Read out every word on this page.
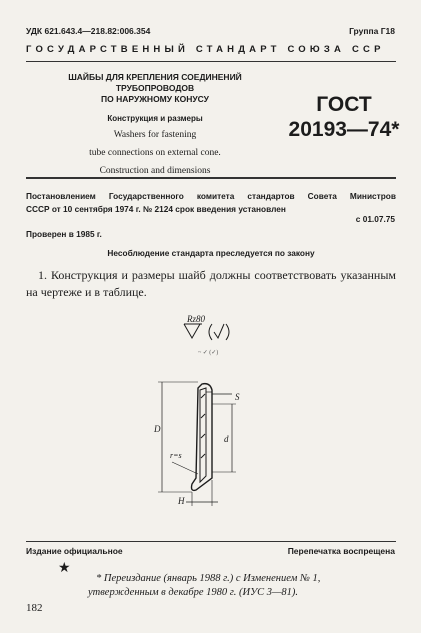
УДК 621.643.4—218.82:006.354	Группа Г18
ГОСУДАРСТВЕННЫЙ СТАНДАРТ СОЮЗА ССР
ШАЙБЫ ДЛЯ КРЕПЛЕНИЯ СОЕДИНЕНИЙ
ТРУБОПРОВОДОВ
ПО НАРУЖНОМУ КОНУСУ
Конструкция и размеры
Washers for fastening
tube connections on external cone.
Construction and dimensions
ГОСТ
20193—74*
Постановлением Государственного комитета стандартов Совета Министров
СССР от 10 сентября 1974 г. № 2124 срок введения установлен
с 01.07.75
Проверен в 1985 г.
Несоблюдение стандарта преследуется по закону
1. Конструкция и размеры шайб должны соответствовать указанным на чертеже и в таблице.
Rz80
~ ✓ (✓)
S
D
d
r=s
H
Издание официальное	Перепечатка воспрещена
★
* Переиздание (январь 1988 г.) с Изменением № 1, утвержденным в декабре 1980 г. (ИУС 3—81).
182
